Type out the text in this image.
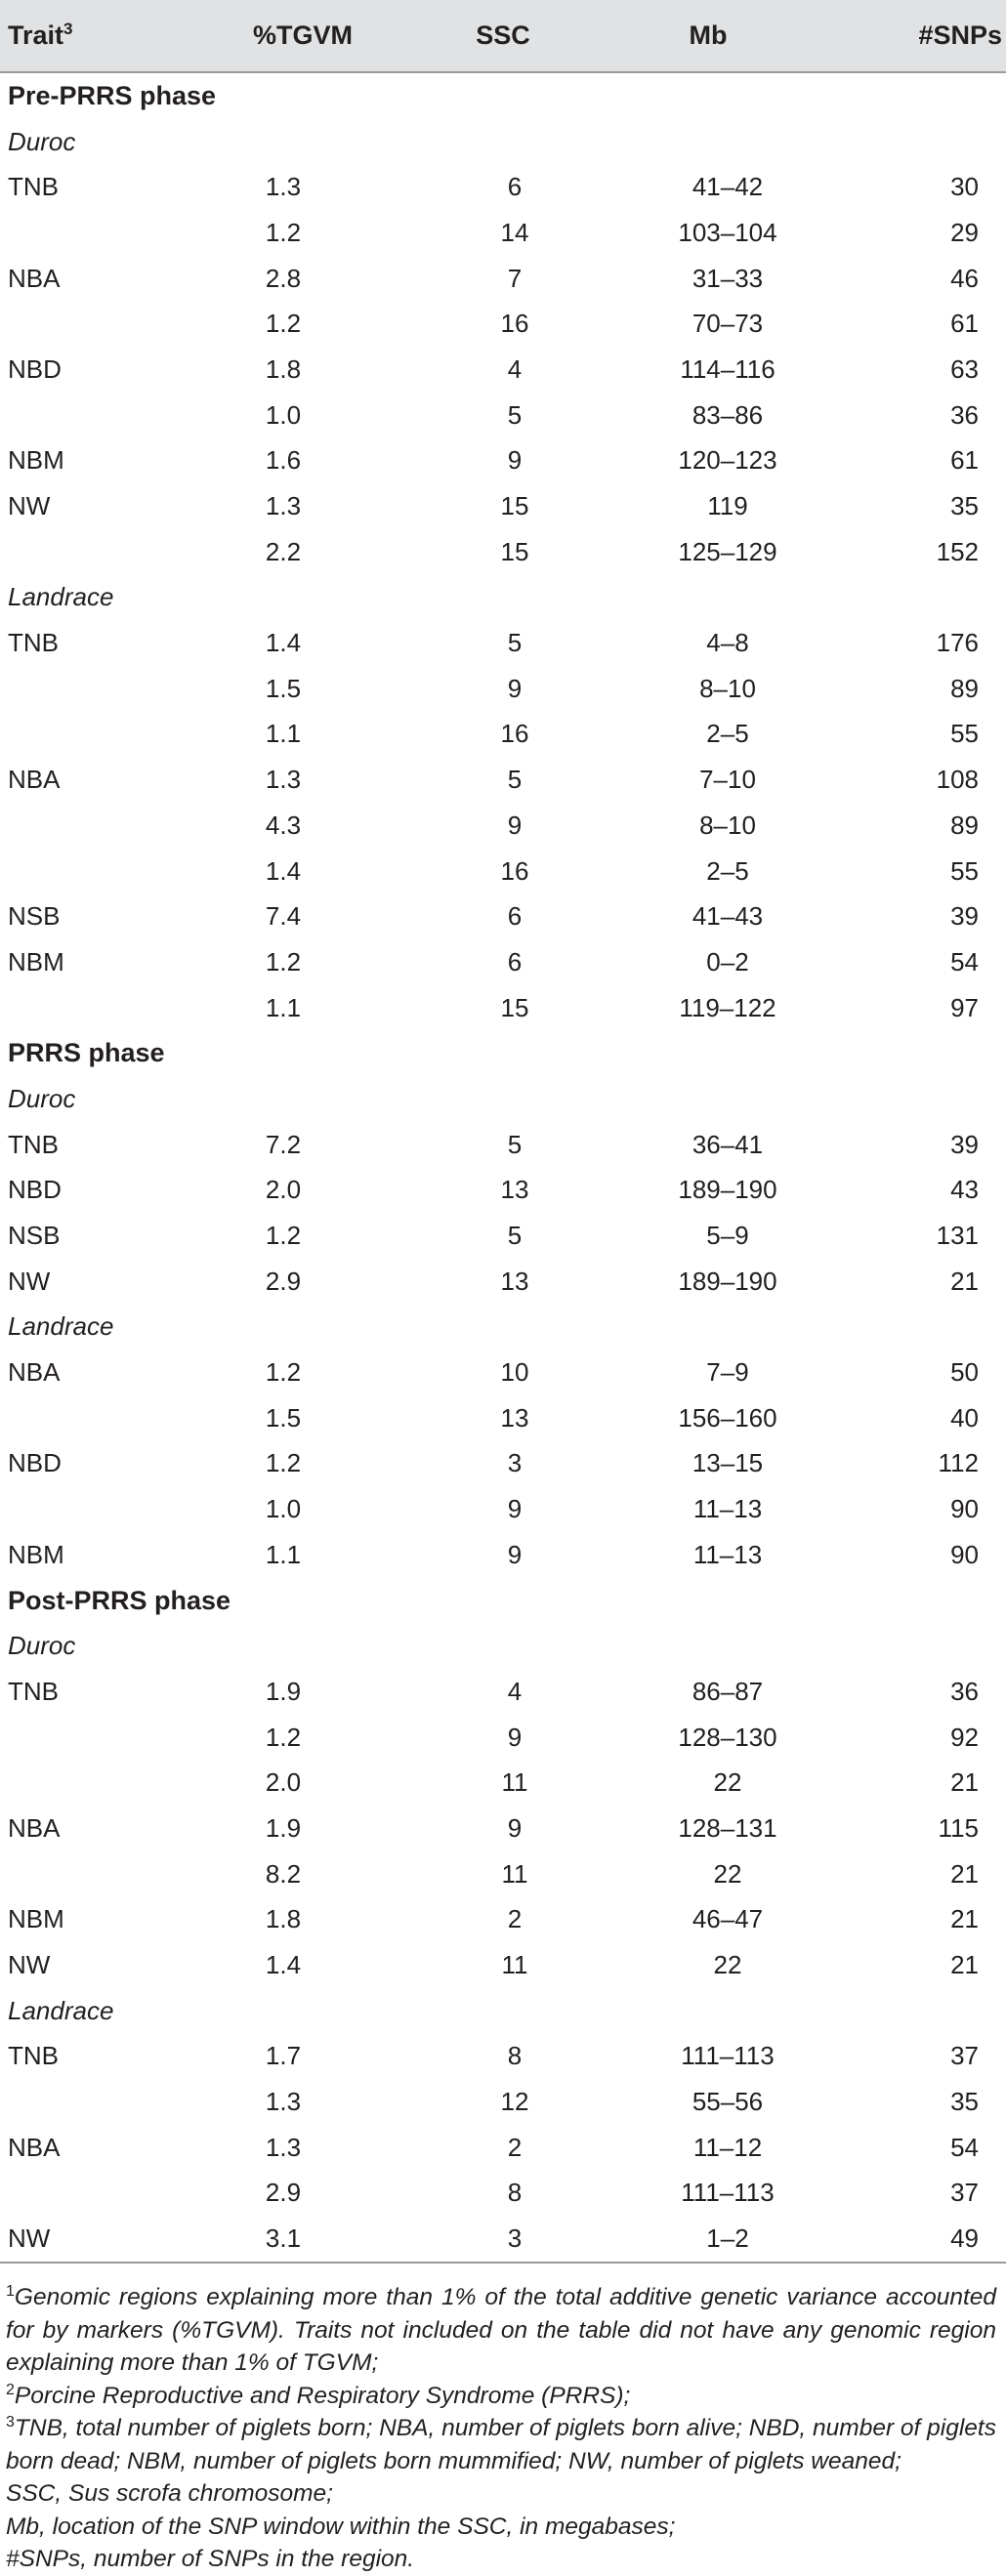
Trait$^3$	%TGVM	SSC	Mb	#SNPs
Pre-PRRS phase				
Duroc				
TNB	1.3	6	41–42	30
	1.2	14	103–104	29
NBA	2.8	7	31–33	46
	1.2	16	70–73	61
NBD	1.8	4	114–116	63
	1.0	5	83–86	36
NBM	1.6	9	120–123	61
NW	1.3	15	119	35
	2.2	15	125–129	152
Landrace				
TNB	1.4	5	4–8	176
	1.5	9	8–10	89
	1.1	16	2–5	55
NBA	1.3	5	7–10	108
	4.3	9	8–10	89
	1.4	16	2–5	55
NSB	7.4	6	41–43	39
NBM	1.2	6	0–2	54
	1.1	15	119–122	97
PRRS phase				
Duroc				
TNB	7.2	5	36–41	39
NBD	2.0	13	189–190	43
NSB	1.2	5	5–9	131
NW	2.9	13	189–190	21
Landrace				
NBA	1.2	10	7–9	50
	1.5	13	156–160	40
NBD	1.2	3	13–15	112
	1.0	9	11–13	90
NBM	1.1	9	11–13	90
Post-PRRS phase				
Duroc				
TNB	1.9	4	86–87	36
	1.2	9	128–130	92
	2.0	11	22	21
NBA	1.9	9	128–131	115
	8.2	11	22	21
NBM	1.8	2	46–47	21
NW	1.4	11	22	21
Landrace				
TNB	1.7	8	111–113	37
	1.3	12	55–56	35
NBA	1.3	2	11–12	54
	2.9	8	111–113	37
NW	3.1	3	1–2	49

$^1$Genomic regions explaining more than 1% of the total additive genetic variance accounted for by markers (%TGVM). Traits not included on the table did not have any genomic region explaining more than 1% of TGVM;

$^2$Porcine Reproductive and Respiratory Syndrome (PRRS);

$^3$TNB, total number of piglets born; NBA, number of piglets born alive; NBD, number of piglets born dead; NBM, number of piglets born mummified; NW, number of piglets weaned;

SSC, Sus scrofa chromosome;

Mb, location of the SNP window within the SSC, in megabases;

#SNPs, number of SNPs in the region.
